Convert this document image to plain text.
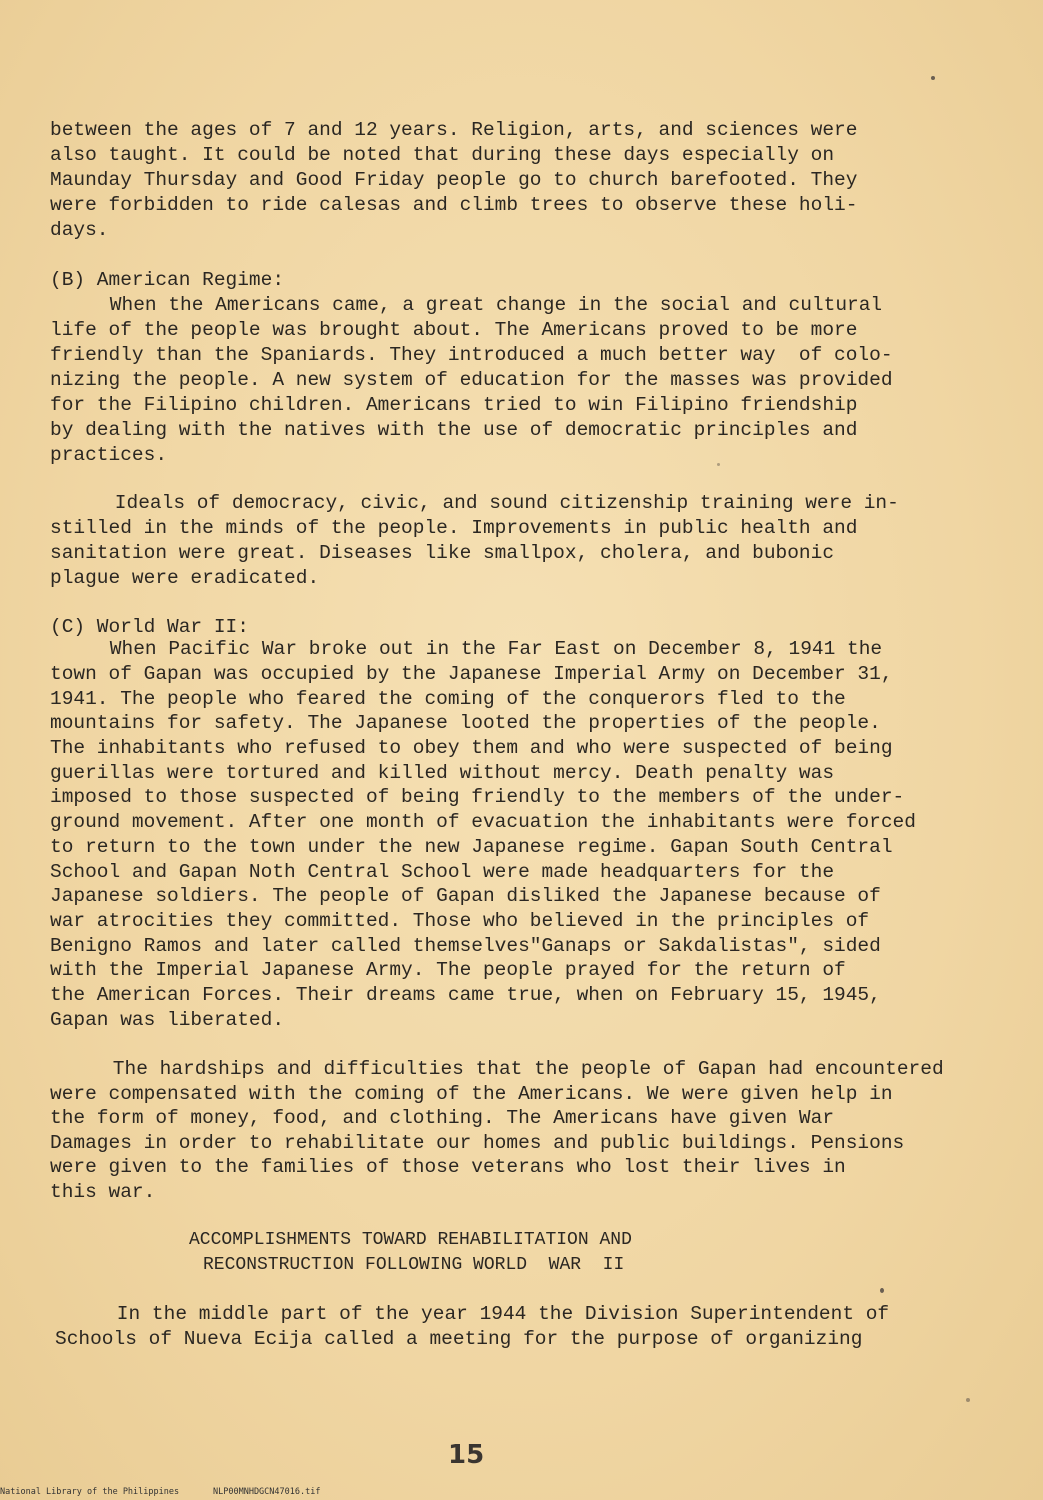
between the ages of 7 and 12 years. Religion, arts, and sciences were
also taught. It could be noted that during these days especially on
Maunday Thursday and Good Friday people go to church barefooted. They
were forbidden to ride calesas and climb trees to observe these holi-
days.
(B) American Regime:
When the Americans came, a great change in the social and cultural
life of the people was brought about. The Americans proved to be more
friendly than the Spaniards. They introduced a much better way  of colo-
nizing the people. A new system of education for the masses was provided
for the Filipino children. Americans tried to win Filipino friendship
by dealing with the natives with the use of democratic principles and
practices.
Ideals of democracy, civic, and sound citizenship training were in-
stilled in the minds of the people. Improvements in public health and
sanitation were great. Diseases like smallpox, cholera, and bubonic
plague were eradicated.
(C) World War II:
When Pacific War broke out in the Far East on December 8, 1941 the
town of Gapan was occupied by the Japanese Imperial Army on December 31,
1941. The people who feared the coming of the conquerors fled to the
mountains for safety. The Japanese looted the properties of the people.
The inhabitants who refused to obey them and who were suspected of being
guerillas were tortured and killed without mercy. Death penalty was
imposed to those suspected of being friendly to the members of the under-
ground movement. After one month of evacuation the inhabitants were forced
to return to the town under the new Japanese regime. Gapan South Central
School and Gapan Noth Central School were made headquarters for the
Japanese soldiers. The people of Gapan disliked the Japanese because of
war atrocities they committed. Those who believed in the principles of
Benigno Ramos and later called themselves"Ganaps or Sakdalistas", sided
with the Imperial Japanese Army. The people prayed for the return of
the American Forces. Their dreams came true, when on February 15, 1945,
Gapan was liberated.
The hardships and difficulties that the people of Gapan had encountered
were compensated with the coming of the Americans. We were given help in
the form of money, food, and clothing. The Americans have given War
Damages in order to rehabilitate our homes and public buildings. Pensions
were given to the families of those veterans who lost their lives in
this war.
ACCOMPLISHMENTS TOWARD REHABILITATION AND
RECONSTRUCTION FOLLOWING WORLD  WAR  II
In the middle part of the year 1944 the Division Superintendent of
Schools of Nueva Ecija called a meeting for the purpose of organizing
15
National Library of the Philippines	NLP00MNHDGCN47016.tif
